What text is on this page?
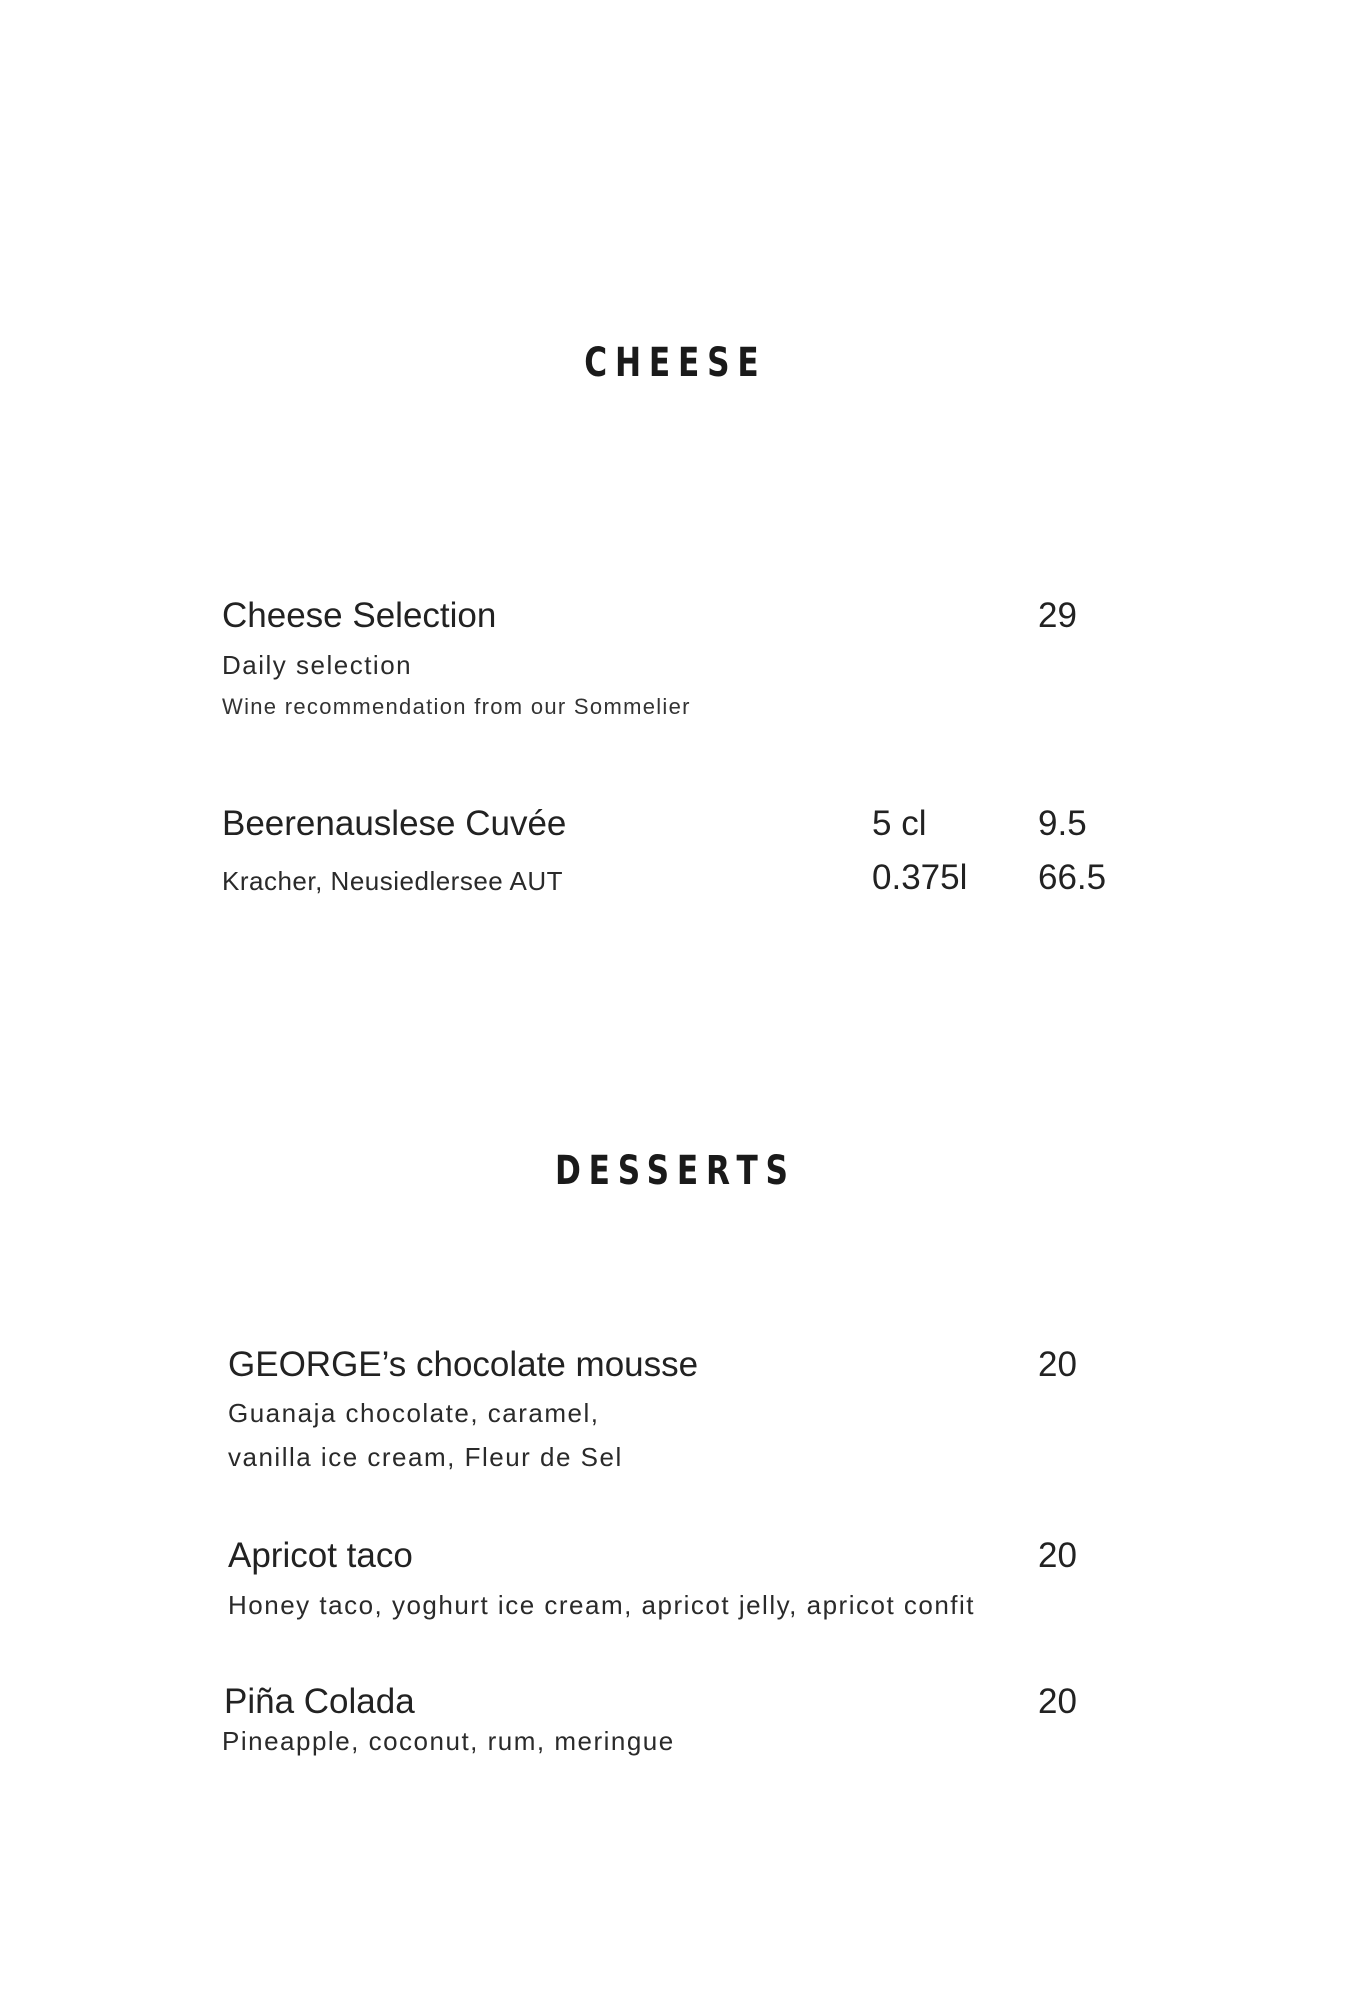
CHEESE
Cheese Selection	29
Daily selection
Wine recommendation from our Sommelier
Beerenauslese Cuvée	5 cl	9.5
Kracher, Neusiedlersee AUT	0.375l 66.5
DESSERTS
GEORGE’s chocolate mousse	20
Guanaja chocolate, caramel,
vanilla ice cream, Fleur de Sel
Apricot taco	20
Honey taco, yoghurt ice cream, apricot jelly, apricot confit
Piña Colada	20
Pineapple, coconut, rum, meringue
